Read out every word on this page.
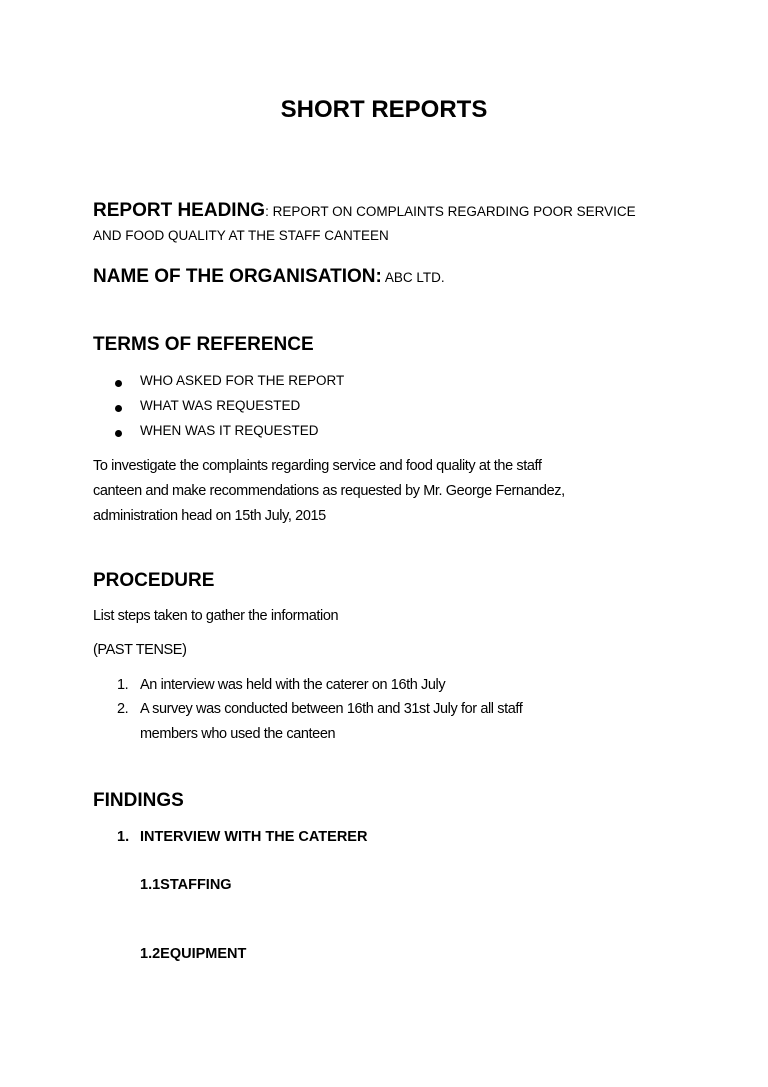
SHORT REPORTS
REPORT HEADING: REPORT ON COMPLAINTS REGARDING POOR SERVICE
AND FOOD QUALITY AT THE STAFF CANTEEN
NAME OF THE ORGANISATION: ABC LTD.
TERMS OF REFERENCE
WHO ASKED FOR THE REPORT
WHAT WAS REQUESTED
WHEN WAS IT REQUESTED
To investigate the complaints regarding service and food quality at the staff
canteen and make recommendations as requested by Mr. George Fernandez,
administration head on 15th July, 2015
PROCEDURE
List steps taken to gather the information
(PAST TENSE)
1. An interview was held with the caterer on 16th July
2. A survey was conducted between 16th and 31st July for all staff
members who used the canteen
FINDINGS
1. INTERVIEW WITH THE CATERER
1.1STAFFING
1.2EQUIPMENT
